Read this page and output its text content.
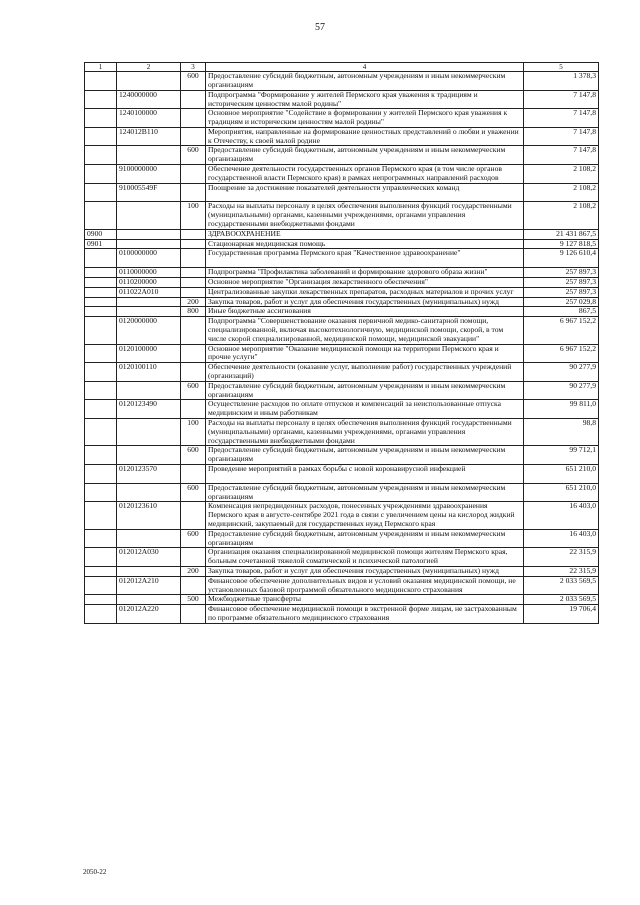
57
1	2	3	4	5
		600	Предоставление субсидий бюджетным, автономным учреждениям и иным некоммерческим организациям	1 378,3
	1240000000		Подпрограмма "Формирование у жителей Пермского края уважения к традициям и историческим ценностям малой родины"	7 147,8
	1240100000		Основное мероприятие "Содействие в формировании у жителей Пермского края уважения к традициям и историческим ценностям малой родины"	7 147,8
	124012B110		Мероприятия, направленные на формирование ценностных представлений о любви и уважении к Отечеству, к своей малой родине	7 147,8
		600	Предоставление субсидий бюджетным, автономным учреждениям и иным некоммерческим организациям	7 147,8
	9100000000		Обеспечение деятельности государственных органов Пермского края (в том числе органов государственной власти Пермского края) в рамках непрограммных направлений расходов	2 108,2
	910005549F		Поощрение за достижение показателей деятельности управленческих команд	2 108,2
		100	Расходы на выплаты персоналу в целях обеспечения выполнения функций государственными (муниципальными) органами, казенными учреждениями, органами управления государственными внебюджетными фондами	2 108,2
0900			ЗДРАВООХРАНЕНИЕ	21 431 867,5
0901			Стационарная медицинская помощь	9 127 818,5
	0100000000		Государственная программа Пермского края "Качественное здравоохранение"	9 126 610,4
	0110000000		Подпрограмма "Профилактика заболеваний и формирование здорового образа жизни"	257 897,3
	0110200000		Основное мероприятие "Организация лекарственного обеспечения"	257 897,3
	011022A010		Централизованные закупки лекарственных препаратов, расходных материалов и прочих услуг	257 897,3
		200	Закупка товаров, работ и услуг для обеспечения государственных (муниципальных) нужд	257 029,8
		800	Иные бюджетные ассигнования	867,5
	0120000000		Подпрограмма "Совершенствование оказания первичной медико-санитарной помощи, специализированной, включая высокотехнологичную, медицинской помощи, скорой, в том числе скорой специализированной, медицинской помощи, медицинской эвакуации"	6 967 152,2
	0120100000		Основное мероприятие "Оказание медицинской помощи на территории Пермского края и прочие услуги"	6 967 152,2
	0120100110		Обеспечение деятельности (оказание услуг, выполнение работ) государственных учреждений (организаций)	90 277,9
		600	Предоставление субсидий бюджетным, автономным учреждениям и иным некоммерческим организациям	90 277,9
	0120123490		Осуществление расходов по оплате отпусков и компенсаций за неиспользованные отпуска медицинским и иным работникам	99 811,0
		100	Расходы на выплаты персоналу в целях обеспечения выполнения функций государственными (муниципальными) органами, казенными учреждениями, органами управления государственными внебюджетными фондами	98,8
		600	Предоставление субсидий бюджетным, автономным учреждениям и иным некоммерческим организациям	99 712,1
	0120123570		Проведение мероприятий в рамках борьбы с новой коронавирусной инфекцией	651 210,0
		600	Предоставление субсидий бюджетным, автономным учреждениям и иным некоммерческим организациям	651 210,0
	0120123610		Компенсация непредвиденных расходов, понесенных учреждениями здравоохранения Пермского края в августе-сентябре 2021 года в связи с увеличением цены на кислород жидкий медицинский, закупаемый для государственных нужд Пермского края	16 403,0
		600	Предоставление субсидий бюджетным, автономным учреждениям и иным некоммерческим организациям	16 403,0
	012012A030		Организация оказания специализированной медицинской помощи жителям Пермского края, больным сочетанной тяжелой соматической и психической патологией	22 315,9
		200	Закупка товаров, работ и услуг для обеспечения государственных (муниципальных) нужд	22 315,9
	012012A210		Финансовое обеспечение дополнительных видов и условий оказания медицинской помощи, не установленных базовой программой обязательного медицинского страхования	2 033 569,5
		500	Межбюджетные трансферты	2 033 569,5
	012012A220		Финансовое обеспечение медицинской помощи в экстренной форме лицам, не застрахованным по программе обязательного медицинского страхования	19 706,4
2050-22
